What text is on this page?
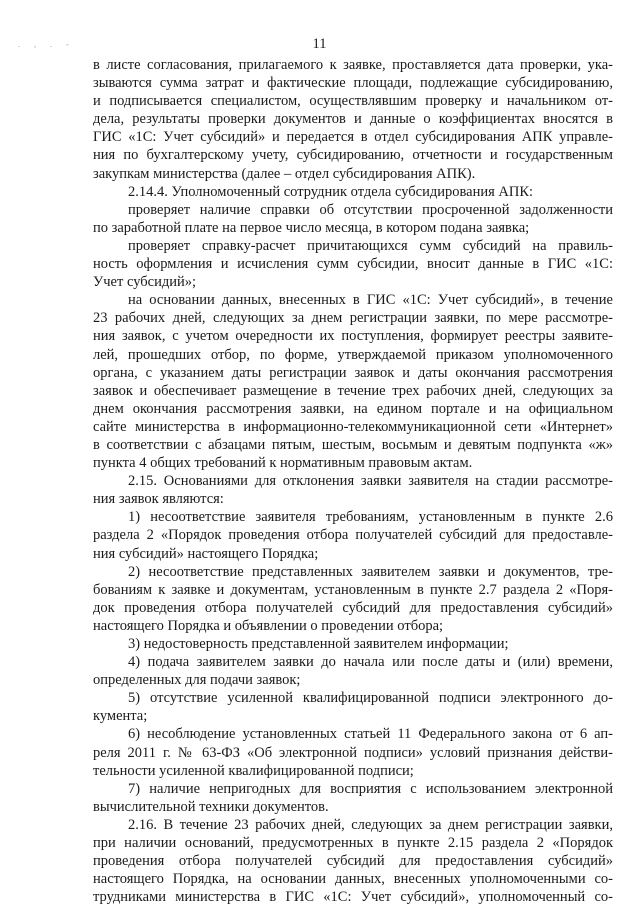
. , . -	11
в листе согласования, прилагаемого к заявке, проставляется дата проверки, ука-
зываются сумма затрат и фактические площади, подлежащие субсидированию,
и подписывается специалистом, осуществлявшим проверку и начальником от-
дела, результаты проверки документов и данные о коэффициентах вносятся в
ГИС «1С: Учет субсидий» и передается в отдел субсидирования АПК управле-
ния по бухгалтерскому учету, субсидированию, отчетности и государственным
закупкам министерства (далее – отдел субсидирования АПК).
2.14.4. Уполномоченный сотрудник отдела субсидирования АПК:
проверяет наличие справки об отсутствии просроченной задолженности
по заработной плате на первое число месяца, в котором подана заявка;
проверяет справку-расчет причитающихся сумм субсидий на правиль-
ность оформления и исчисления сумм субсидии, вносит данные в ГИС «1С:
Учет субсидий»;
на основании данных, внесенных в ГИС «1С: Учет субсидий», в течение
23 рабочих дней, следующих за днем регистрации заявки, по мере рассмотре-
ния заявок, с учетом очередности их поступления, формирует реестры заявите-
лей, прошедших отбор, по форме, утверждаемой приказом уполномоченного
органа, с указанием даты регистрации заявок и даты окончания рассмотрения
заявок и обеспечивает размещение в течение трех рабочих дней, следующих за
днем окончания рассмотрения заявки, на едином портале и на официальном
сайте министерства в информационно-телекоммуникационной сети «Интернет»
в соответствии с абзацами пятым, шестым, восьмым и девятым подпункта «ж»
пункта 4 общих требований к нормативным правовым актам.
2.15. Основаниями для отклонения заявки заявителя на стадии рассмотре-
ния заявок являются:
1) несоответствие заявителя требованиям, установленным в пункте 2.6
раздела 2 «Порядок проведения отбора получателей субсидий для предоставле-
ния субсидий» настоящего Порядка;
2) несоответствие представленных заявителем заявки и документов, тре-
бованиям к заявке и документам, установленным в пункте 2.7 раздела 2 «Поря-
док проведения отбора получателей субсидий для предоставления субсидий»
настоящего Порядка и объявлении о проведении отбора;
3) недостоверность представленной заявителем информации;
4) подача заявителем заявки до начала или после даты и (или) времени,
определенных для подачи заявок;
5) отсутствие усиленной квалифицированной подписи электронного до-
кумента;
6) несоблюдение установленных статьей 11 Федерального закона от 6 ап-
реля 2011 г. № 63-ФЗ «Об электронной подписи» условий признания действи-
тельности усиленной квалифицированной подписи;
7) наличие непригодных для восприятия с использованием электронной
вычислительной техники документов.
2.16. В течение 23 рабочих дней, следующих за днем регистрации заявки,
при наличии оснований, предусмотренных в пункте 2.15 раздела 2 «Порядок
проведения отбора получателей субсидий для предоставления субсидий»
настоящего Порядка, на основании данных, внесенных уполномоченными со-
трудниками министерства в ГИС «1С: Учет субсидий», уполномоченный со-
